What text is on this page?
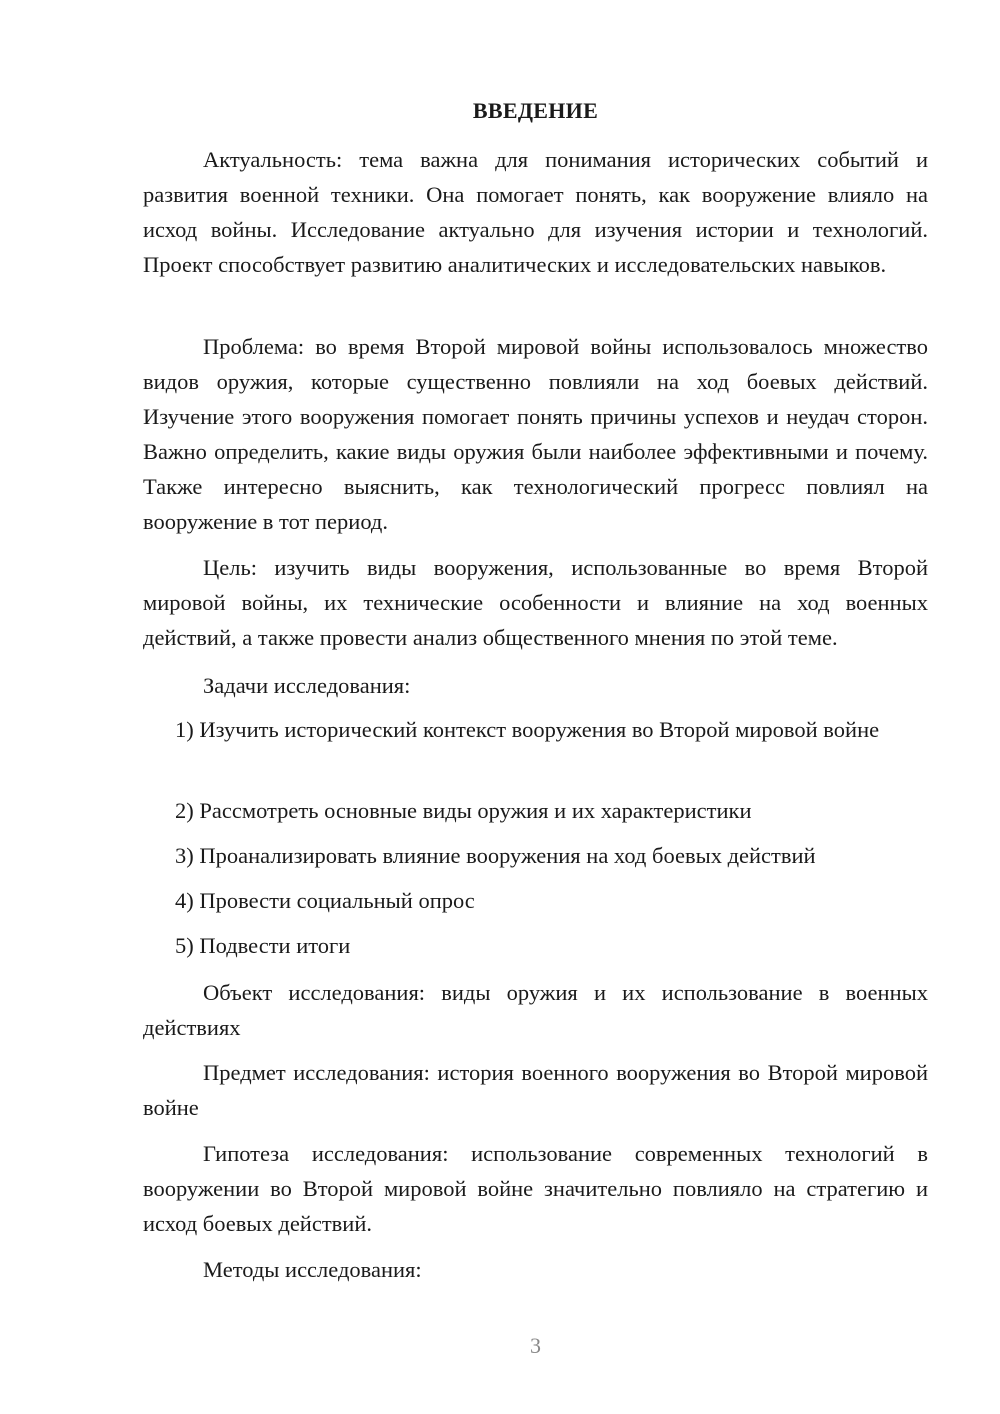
ВВЕДЕНИЕ

Актуальность: тема важна для понимания исторических событий и развития военной техники. Она помогает понять, как вооружение влияло на исход войны. Исследование актуально для изучения истории и технологий. Проект способствует развитию аналитических и исследовательских навыков.

Проблема: во время Второй мировой войны использовалось множество видов оружия, которые существенно повлияли на ход боевых действий. Изучение этого вооружения помогает понять причины успехов и неудач сторон. Важно определить, какие виды оружия были наиболее эффективными и почему. Также интересно выяснить, как технологический прогресс повлиял на вооружение в тот период.

Цель: изучить виды вооружения, использованные во время Второй мировой войны, их технические особенности и влияние на ход военных действий, а также провести анализ общественного мнения по этой теме.

Задачи исследования:

1) Изучить исторический контекст вооружения во Второй мировой войне

2) Рассмотреть основные виды оружия и их характеристики

3) Проанализировать влияние вооружения на ход боевых действий

4) Провести социальный опрос

5) Подвести итоги

Объект исследования: виды оружия и их использование в военных действиях

Предмет исследования: история военного вооружения во Второй мировой войне

Гипотеза исследования: использование современных технологий в вооружении во Второй мировой войне значительно повлияло на стратегию и исход боевых действий.

Методы исследования:

3
